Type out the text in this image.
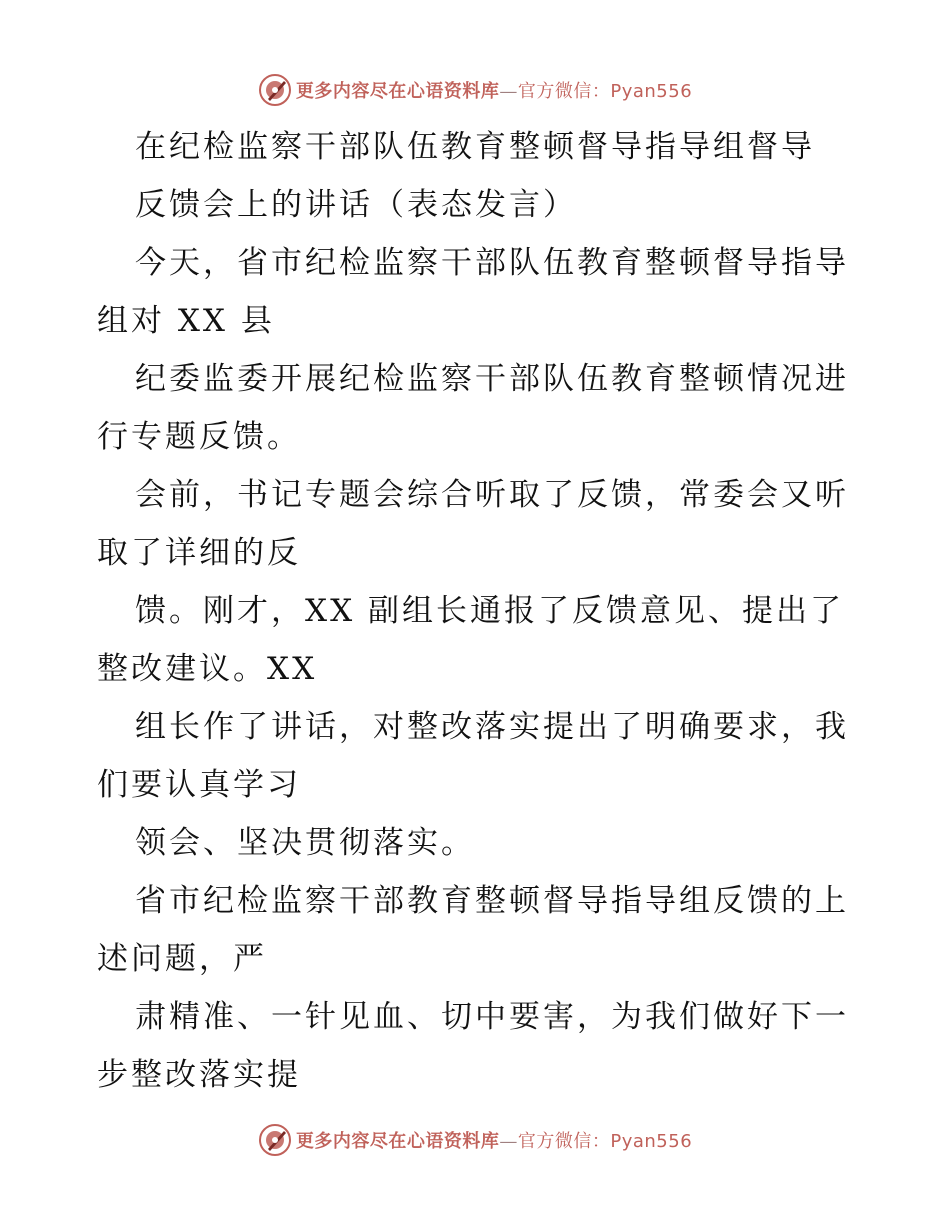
更多内容尽在心语资料库—官方微信：Pyan556
在纪检监察干部队伍教育整顿督导指导组督导
反馈会上的讲话（表态发言）
今天，省市纪检监察干部队伍教育整顿督导指导
组对 XX 县
纪委监委开展纪检监察干部队伍教育整顿情况进
行专题反馈。
会前，书记专题会综合听取了反馈，常委会又听
取了详细的反
馈。刚才，XX 副组长通报了反馈意见、提出了
整改建议。XX
组长作了讲话，对整改落实提出了明确要求，我
们要认真学习
领会、坚决贯彻落实。
省市纪检监察干部教育整顿督导指导组反馈的上
述问题，严
肃精准、一针见血、切中要害，为我们做好下一
步整改落实提
更多内容尽在心语资料库—官方微信：Pyan556
